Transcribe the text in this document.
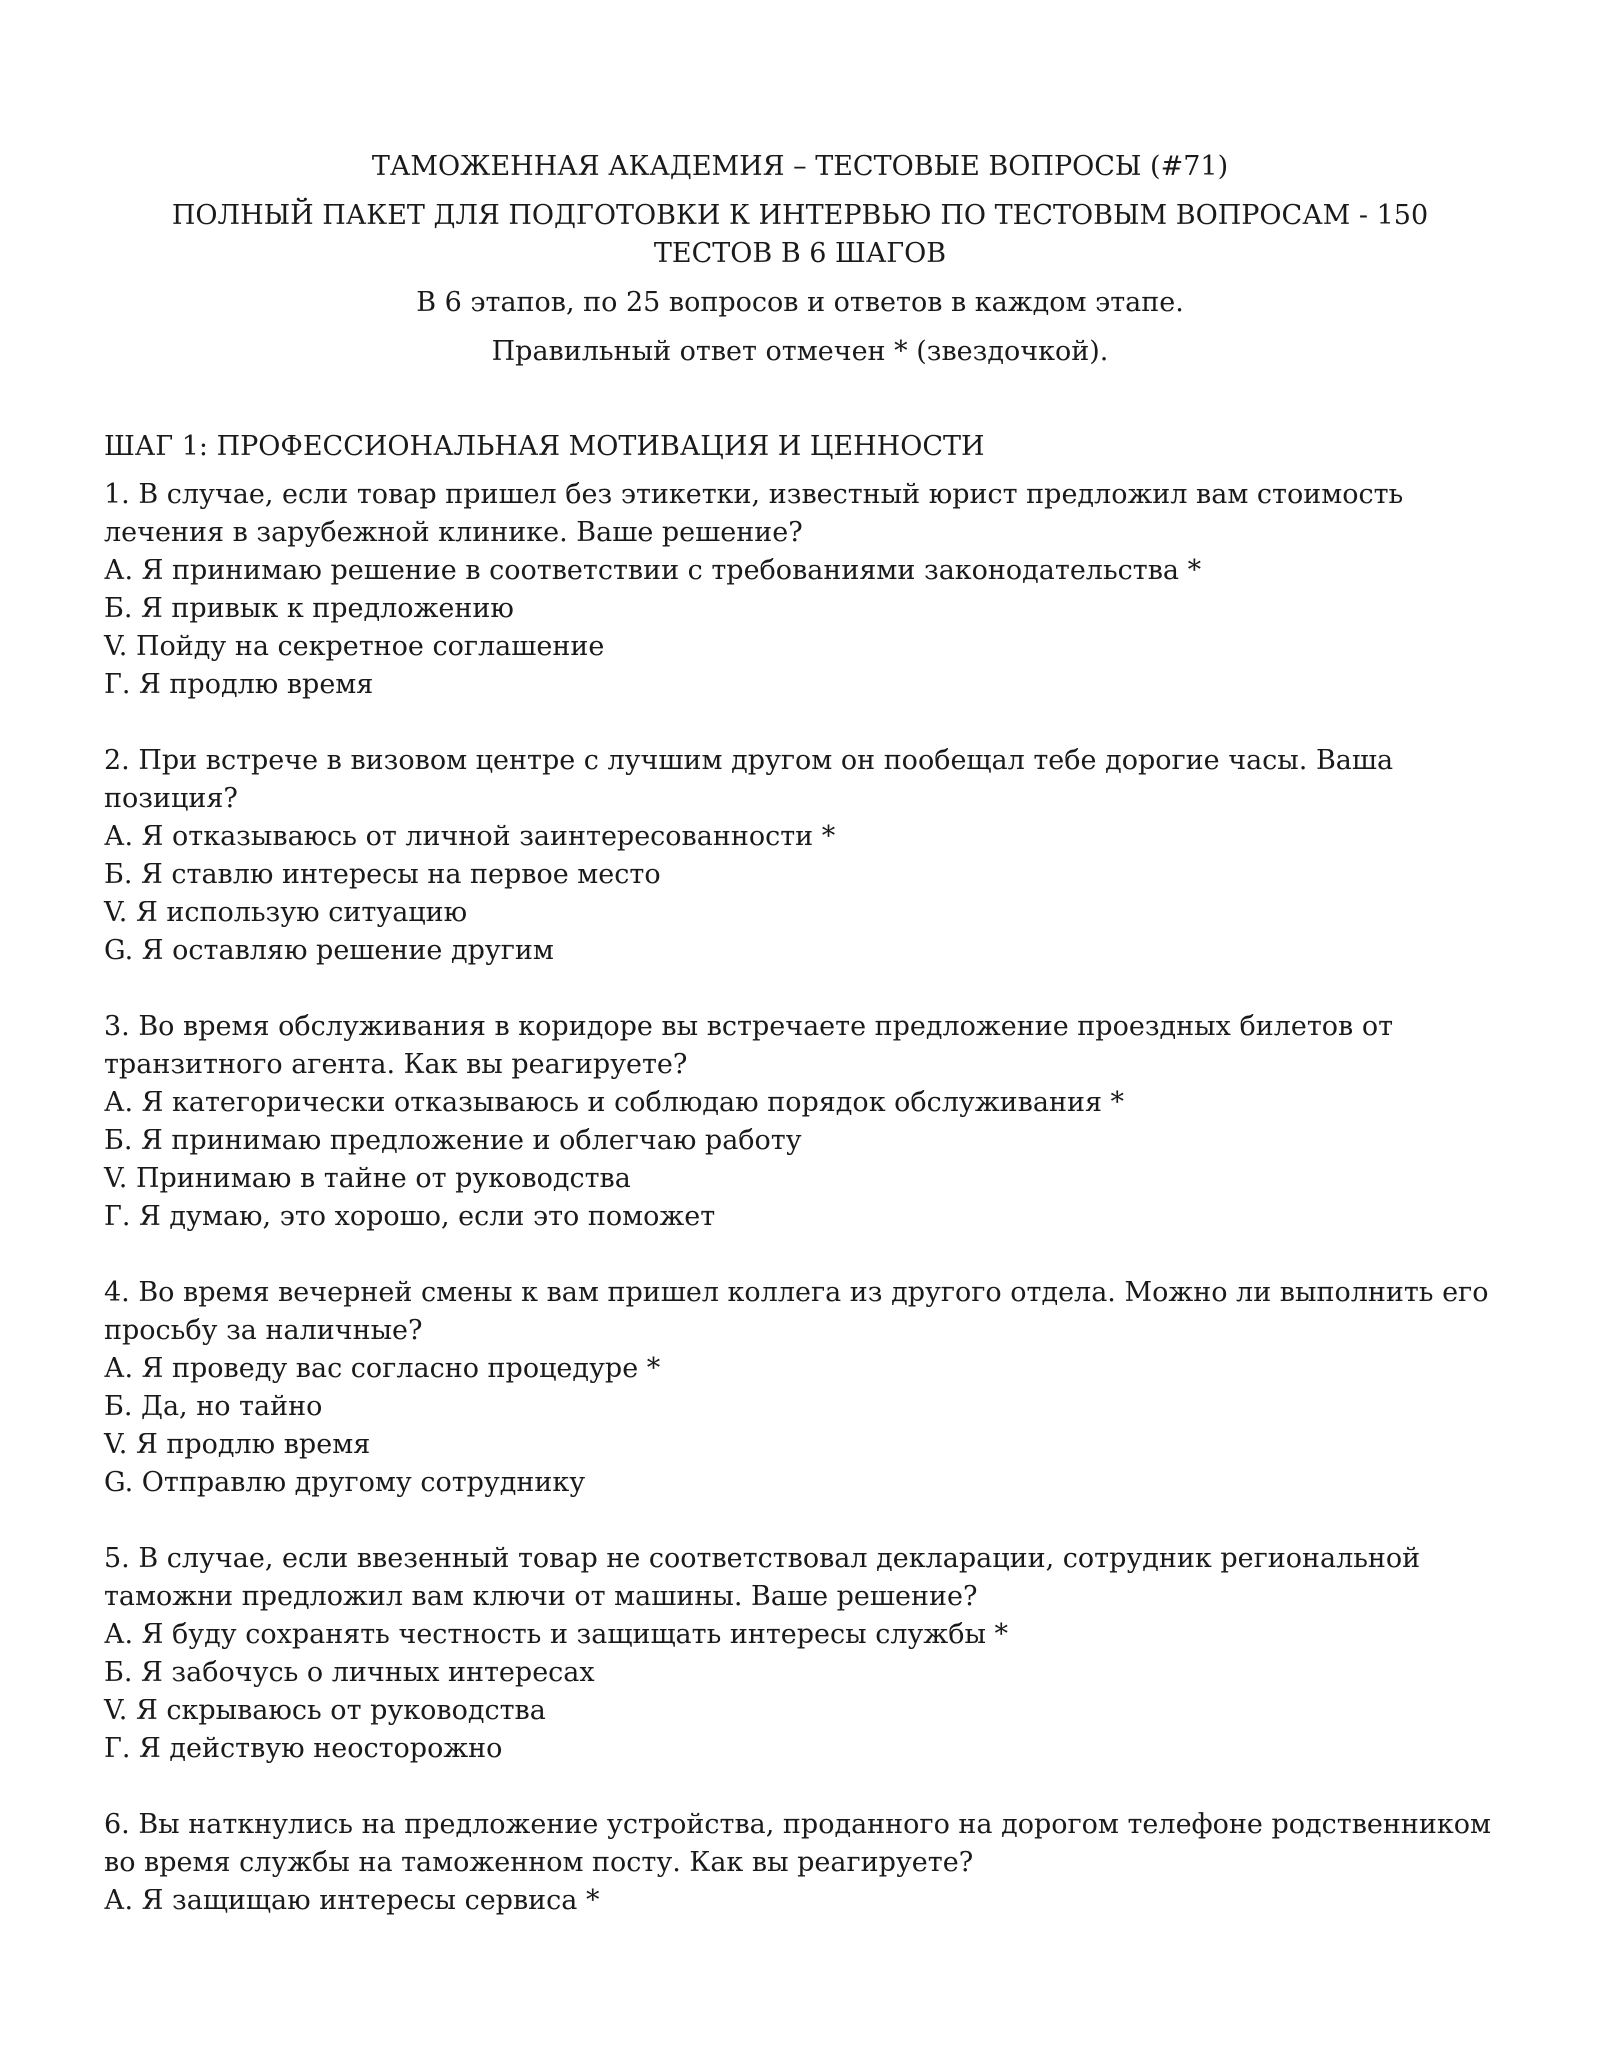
ТАМОЖЕННАЯ АКАДЕМИЯ – ТЕСТОВЫЕ ВОПРОСЫ (#71)

ПОЛНЫЙ ПАКЕТ ДЛЯ ПОДГОТОВКИ К ИНТЕРВЬЮ ПО ТЕСТОВЫМ ВОПРОСАМ - 150 ТЕСТОВ В 6 ШАГОВ

В 6 этапов, по 25 вопросов и ответов в каждом этапе.

Правильный ответ отмечен * (звездочкой).

ШАГ 1: ПРОФЕССИОНАЛЬНАЯ МОТИВАЦИЯ И ЦЕННОСТИ

1. В случае, если товар пришел без этикетки, известный юрист предложил вам стоимость лечения в зарубежной клинике. Ваше решение?

А. Я принимаю решение в соответствии с требованиями законодательства *

Б. Я привык к предложению

V. Пойду на секретное соглашение

Г. Я продлю время

2. При встрече в визовом центре с лучшим другом он пообещал тебе дорогие часы. Ваша позиция?

А. Я отказываюсь от личной заинтересованности *

Б. Я ставлю интересы на первое место

V. Я использую ситуацию

G. Я оставляю решение другим

3. Во время обслуживания в коридоре вы встречаете предложение проездных билетов от транзитного агента. Как вы реагируете?

А. Я категорически отказываюсь и соблюдаю порядок обслуживания *

Б. Я принимаю предложение и облегчаю работу

V. Принимаю в тайне от руководства

Г. Я думаю, это хорошо, если это поможет

4. Во время вечерней смены к вам пришел коллега из другого отдела. Можно ли выполнить его просьбу за наличные?

А. Я проведу вас согласно процедуре *

Б. Да, но тайно

V. Я продлю время

G. Отправлю другому сотруднику

5. В случае, если ввезенный товар не соответствовал декларации, сотрудник региональной таможни предложил вам ключи от машины. Ваше решение?

А. Я буду сохранять честность и защищать интересы службы *

Б. Я забочусь о личных интересах

V. Я скрываюсь от руководства

Г. Я действую неосторожно

6. Вы наткнулись на предложение устройства, проданного на дорогом телефоне родственником во время службы на таможенном посту. Как вы реагируете?

А. Я защищаю интересы сервиса *
